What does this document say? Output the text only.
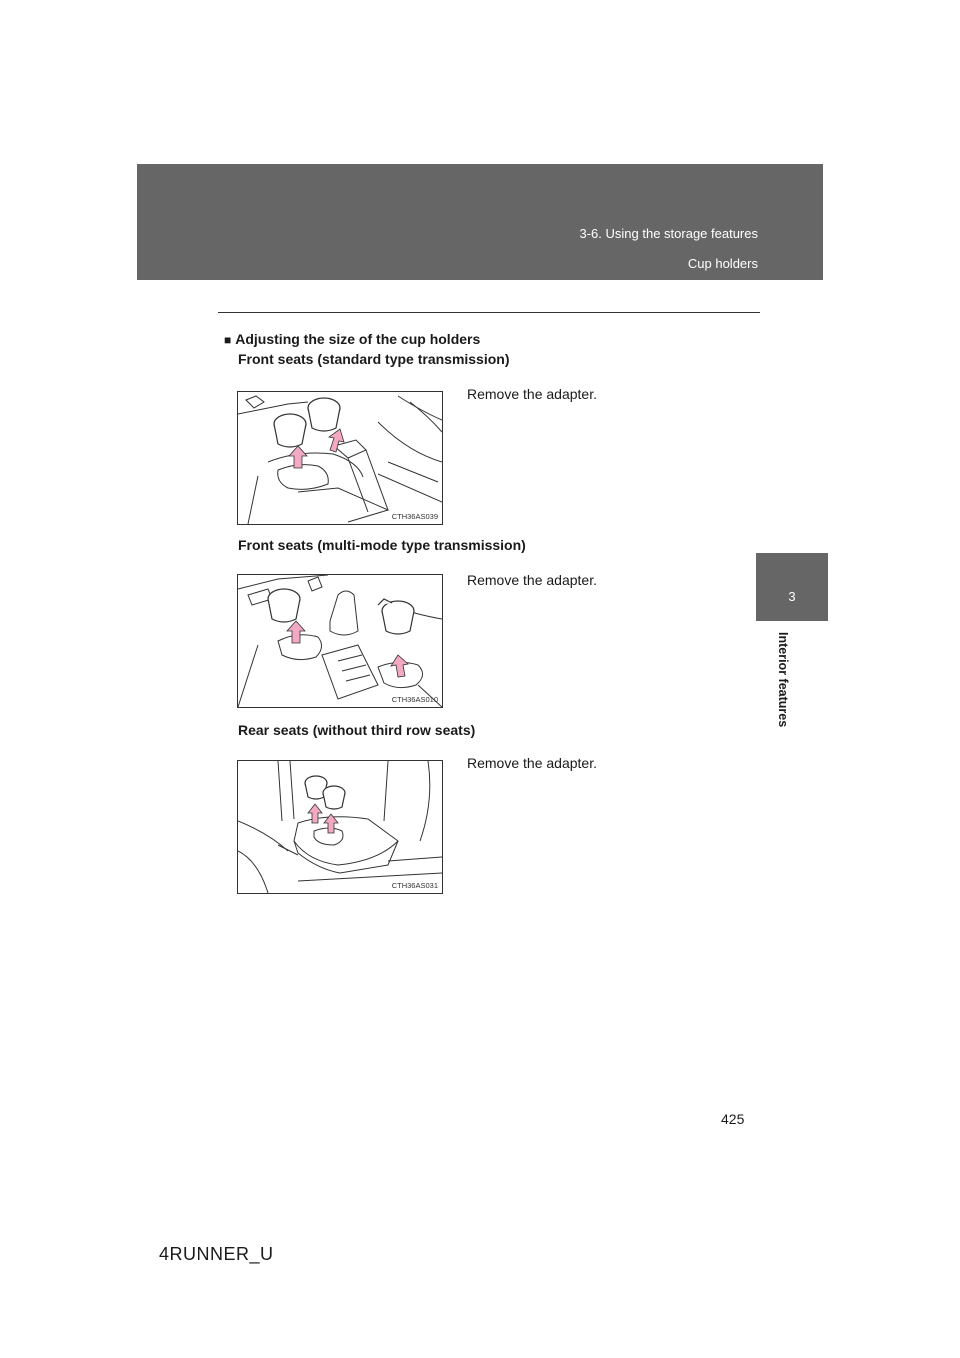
3-6. Using the storage features
Cup holders
3
Interior features
■ Adjusting the size of the cup holders
Front seats (standard type transmission)
Remove the adapter.
CTH36AS039
Front seats (multi-mode type transmission)
Remove the adapter.
CTH36AS010
Rear seats (without third row seats)
Remove the adapter.
CTH36AS031
425
4RUNNER_U
